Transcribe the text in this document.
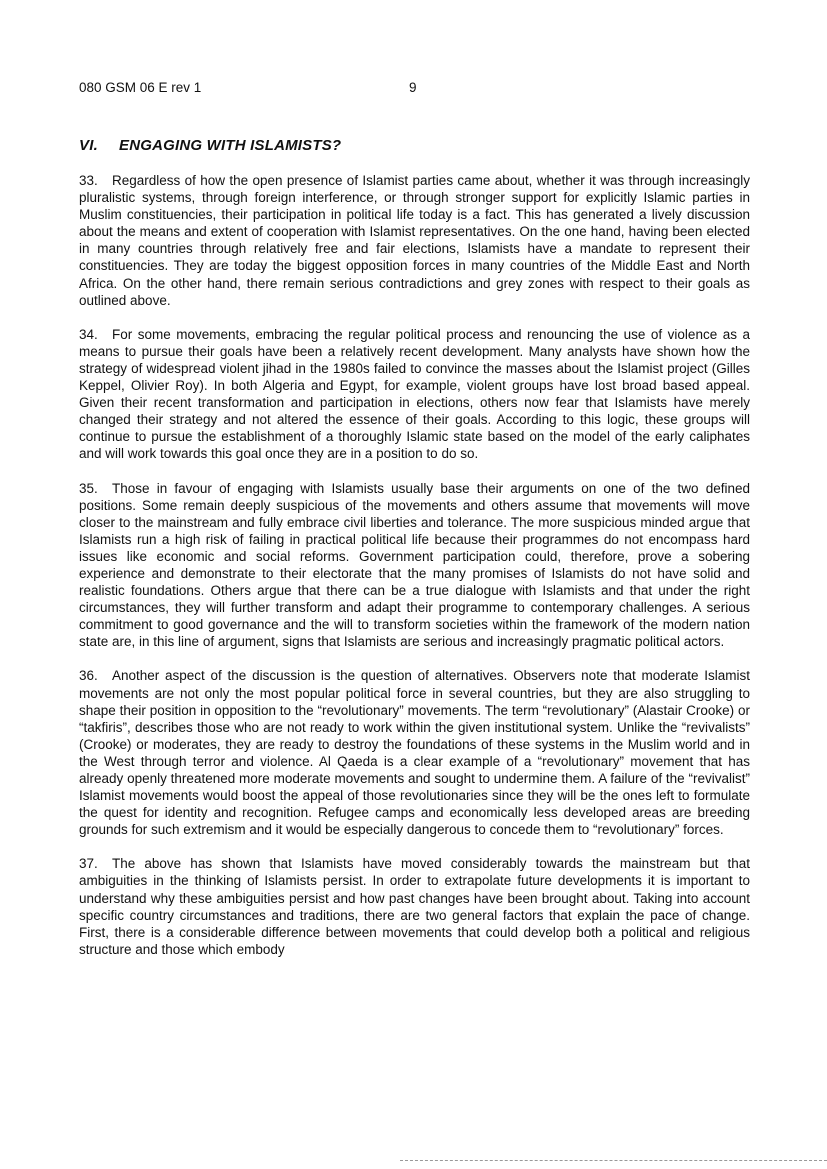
080 GSM 06 E rev 1	9
VI. ENGAGING WITH ISLAMISTS?

33. Regardless of how the open presence of Islamist parties came about, whether it was through increasingly pluralistic systems, through foreign interference, or through stronger support for explicitly Islamic parties in Muslim constituencies, their participation in political life today is a fact. This has generated a lively discussion about the means and extent of cooperation with Islamist representatives. On the one hand, having been elected in many countries through relatively free and fair elections, Islamists have a mandate to represent their constituencies. They are today the biggest opposition forces in many countries of the Middle East and North Africa. On the other hand, there remain serious contradictions and grey zones with respect to their goals as outlined above.

34. For some movements, embracing the regular political process and renouncing the use of violence as a means to pursue their goals have been a relatively recent development. Many analysts have shown how the strategy of widespread violent jihad in the 1980s failed to convince the masses about the Islamist project (Gilles Keppel, Olivier Roy). In both Algeria and Egypt, for example, violent groups have lost broad based appeal. Given their recent transformation and participation in elections, others now fear that Islamists have merely changed their strategy and not altered the essence of their goals. According to this logic, these groups will continue to pursue the establishment of a thoroughly Islamic state based on the model of the early caliphates and will work towards this goal once they are in a position to do so.

35. Those in favour of engaging with Islamists usually base their arguments on one of the two defined positions. Some remain deeply suspicious of the movements and others assume that movements will move closer to the mainstream and fully embrace civil liberties and tolerance. The more suspicious minded argue that Islamists run a high risk of failing in practical political life because their programmes do not encompass hard issues like economic and social reforms. Government participation could, therefore, prove a sobering experience and demonstrate to their electorate that the many promises of Islamists do not have solid and realistic foundations. Others argue that there can be a true dialogue with Islamists and that under the right circumstances, they will further transform and adapt their programme to contemporary challenges. A serious commitment to good governance and the will to transform societies within the framework of the modern nation state are, in this line of argument, signs that Islamists are serious and increasingly pragmatic political actors.

36. Another aspect of the discussion is the question of alternatives. Observers note that moderate Islamist movements are not only the most popular political force in several countries, but they are also struggling to shape their position in opposition to the “revolutionary” movements. The term “revolutionary” (Alastair Crooke) or “takfiris”, describes those who are not ready to work within the given institutional system. Unlike the “revivalists” (Crooke) or moderates, they are ready to destroy the foundations of these systems in the Muslim world and in the West through terror and violence. Al Qaeda is a clear example of a “revolutionary” movement that has already openly threatened more moderate movements and sought to undermine them. A failure of the “revivalist” Islamist movements would boost the appeal of those revolutionaries since they will be the ones left to formulate the quest for identity and recognition. Refugee camps and economically less developed areas are breeding grounds for such extremism and it would be especially dangerous to concede them to “revolutionary” forces.

37. The above has shown that Islamists have moved considerably towards the mainstream but that ambiguities in the thinking of Islamists persist. In order to extrapolate future developments it is important to understand why these ambiguities persist and how past changes have been brought about. Taking into account specific country circumstances and traditions, there are two general factors that explain the pace of change. First, there is a considerable difference between movements that could develop both a political and religious structure and those which embody
